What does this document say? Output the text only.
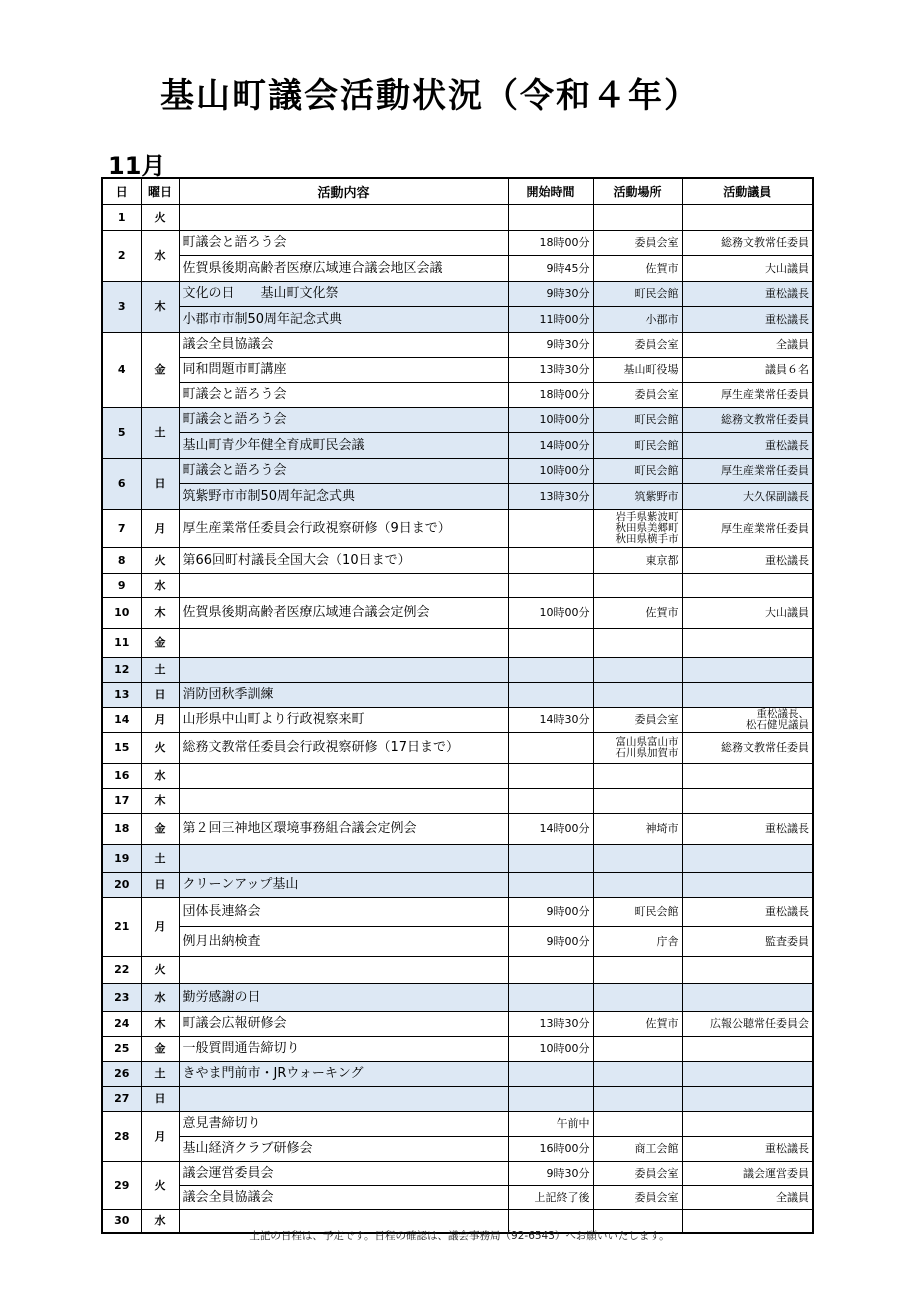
基山町議会活動状況（令和４年）
11月
日	曜日	活動内容	開始時間	活動場所	活動議員
1	火				
2	水	町議会と語ろう会	18時00分	委員会室	総務文教常任委員
		佐賀県後期高齢者医療広域連合議会地区会議	9時45分	佐賀市	大山議員
3	木	文化の日　　基山町文化祭	9時30分	町民会館	重松議長
		小郡市市制50周年記念式典	11時00分	小郡市	重松議長
4	金	議会全員協議会	9時30分	委員会室	全議員
		同和問題市町講座	13時30分	基山町役場	議員６名
		町議会と語ろう会	18時00分	委員会室	厚生産業常任委員
5	土	町議会と語ろう会	10時00分	町民会館	総務文教常任委員
		基山町青少年健全育成町民会議	14時00分	町民会館	重松議長
6	日	町議会と語ろう会	10時00分	町民会館	厚生産業常任委員
		筑紫野市市制50周年記念式典	13時30分	筑紫野市	大久保副議長
7	月	厚生産業常任委員会行政視察研修（9日まで）		岩手県紫波町
秋田県美郷町
秋田県横手市	厚生産業常任委員
8	火	第66回町村議長全国大会（10日まで）		東京都	重松議長
9	水				
10	木	佐賀県後期高齢者医療広域連合議会定例会	10時00分	佐賀市	大山議員
11	金				
12	土				
13	日	消防団秋季訓練			
14	月	山形県中山町より行政視察来町	14時30分	委員会室	重松議長、
松石健児議員

15	火	総務文教常任委員会行政視察研修（17日まで）		富山県富山市
石川県加賀市	総務文教常任委員
16	水				
17	木				
18	金	第２回三神地区環境事務組合議会定例会	14時00分	神埼市	重松議長
19	土				
20	日	クリーンアップ基山			
21	月	団体長連絡会	9時00分	町民会館	重松議長
		例月出納検査	9時00分	庁舎	監査委員
22	火				
23	水	勤労感謝の日			
24	木	町議会広報研修会	13時30分	佐賀市	広報公聴常任委員会
25	金	一般質問通告締切り	10時00分		
26	土	きやま門前市・JRウォーキング			
27	日				
28	月	意見書締切り	午前中		
		基山経済クラブ研修会	16時00分	商工会館	重松議長
29	火	議会運営委員会	9時30分	委員会室	議会運営委員
		議会全員協議会	上記終了後	委員会室	全議員
30	水				
上記の日程は、予定です。日程の確認は、議会事務局（92-6543）へお願いいたします。
